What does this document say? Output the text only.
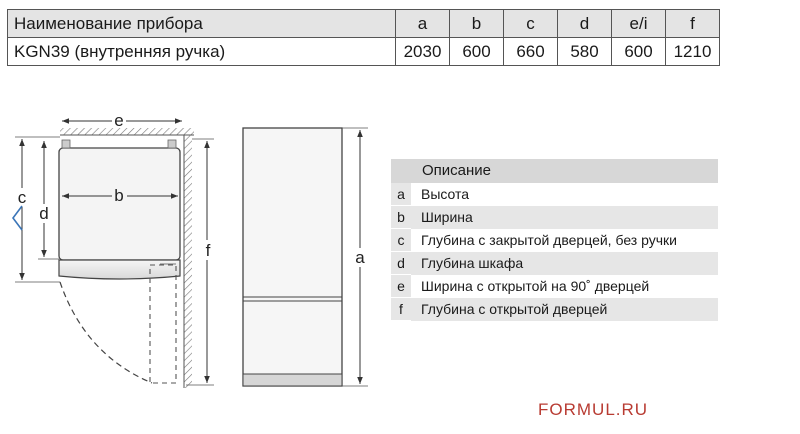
Наименование прибора	a	b	c	d	e/i	f
KGN39 (внутренняя ручка)	2030	600	660	580	600	1210
e
b
c
d
f	a
Описание
a	Высота
b	Ширина
c	Глубина с закрытой дверцей, без ручки
d	Глубина шкафа
e	Ширина с открытой на 90˚ дверцей
f	Глубина с открытой дверцей
FORMUL.RU
